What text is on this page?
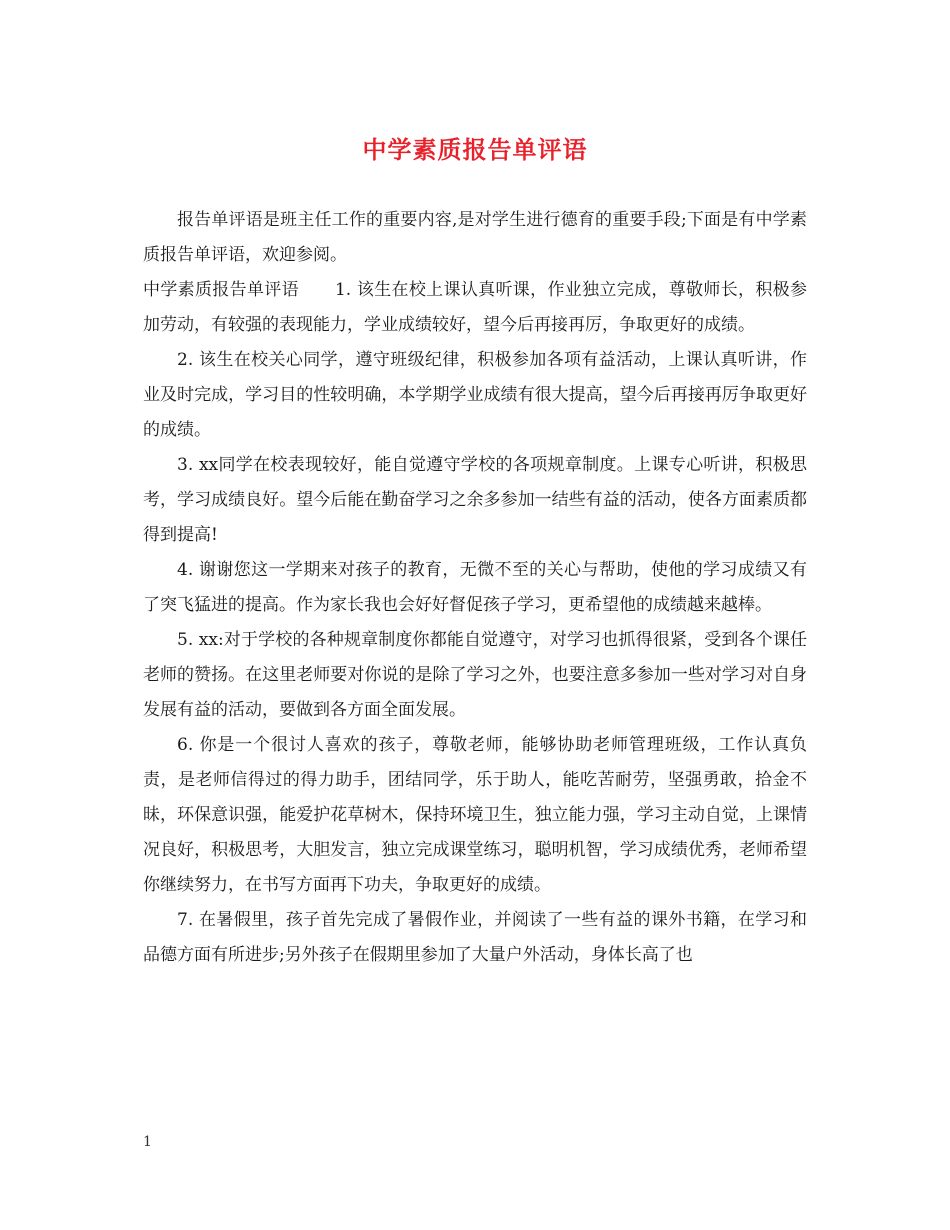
中学素质报告单评语

报告单评语是班主任工作的重要内容,是对学生进行德育的重要手段;下面是有中学素质报告单评语，欢迎参阅。

中学素质报告单评语 1. 该生在校上课认真听课，作业独立完成，尊敬师长，积极参加劳动，有较强的表现能力，学业成绩较好，望今后再接再厉，争取更好的成绩。

2. 该生在校关心同学，遵守班级纪律，积极参加各项有益活动，上课认真听讲，作业及时完成，学习目的性较明确，本学期学业成绩有很大提高，望今后再接再厉争取更好的成绩。

3. xx同学在校表现较好，能自觉遵守学校的各项规章制度。上课专心听讲，积极思考，学习成绩良好。望今后能在勤奋学习之余多参加一结些有益的活动，使各方面素质都得到提高!

4. 谢谢您这一学期来对孩子的教育，无微不至的关心与帮助，使他的学习成绩又有了突飞猛进的提高。作为家长我也会好好督促孩子学习，更希望他的成绩越来越棒。

5. xx:对于学校的各种规章制度你都能自觉遵守，对学习也抓得很紧，受到各个课任老师的赞扬。在这里老师要对你说的是除了学习之外，也要注意多参加一些对学习对自身发展有益的活动，要做到各方面全面发展。

6. 你是一个很讨人喜欢的孩子，尊敬老师，能够协助老师管理班级，工作认真负责，是老师信得过的得力助手，团结同学，乐于助人，能吃苦耐劳，坚强勇敢，拾金不昧，环保意识强，能爱护花草树木，保持环境卫生，独立能力强，学习主动自觉，上课情况良好，积极思考，大胆发言，独立完成课堂练习，聪明机智，学习成绩优秀，老师希望你继续努力，在书写方面再下功夫，争取更好的成绩。

7. 在暑假里，孩子首先完成了暑假作业，并阅读了一些有益的课外书籍，在学习和品德方面有所进步;另外孩子在假期里参加了大量户外活动，身体长高了也

1
